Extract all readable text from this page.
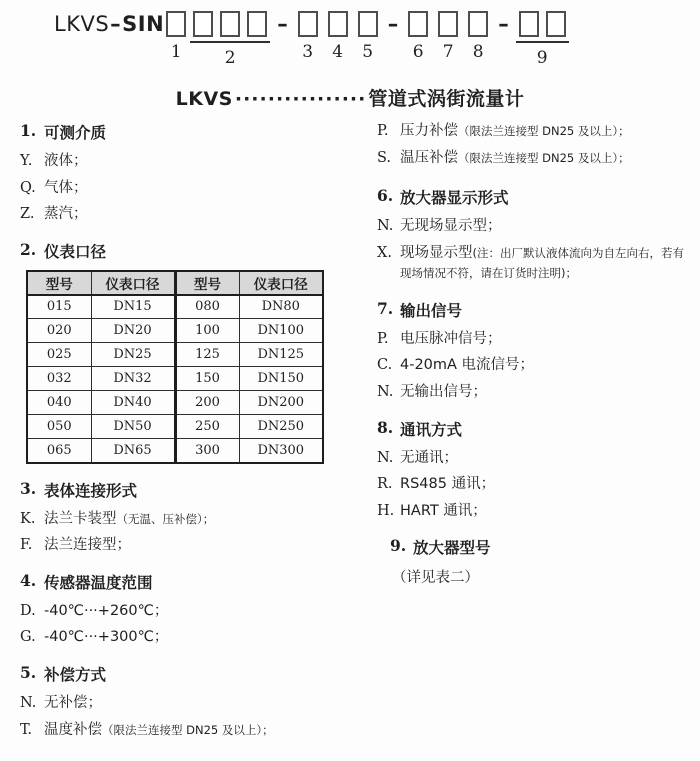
LKVS–SIN
1	2
–
3 4 5
–
6 7 8
–
9
LKVS ················ 管道式涡街流量计
1. 可测介质
Y. 液体；
Q. 气体；
Z. 蒸汽；
2. 仪表口径
型号	仪表口径	型号	仪表口径
015	DN15	080	DN80
020	DN20	100	DN100
025	DN25	125	DN125
032	DN32	150	DN150
040	DN40	200	DN200
050	DN50	250	DN250
065	DN65	300	DN300
3. 表体连接形式
K. 法兰卡装型（无温、压补偿）；
F. 法兰连接型；
4. 传感器温度范围
D. -40℃···+260℃；
G. -40℃···+300℃；
5. 补偿方式
N. 无补偿；
T. 温度补偿（限法兰连接型 DN25 及以上）；
P. 压力补偿（限法兰连接型 DN25 及以上）；
S. 温压补偿（限法兰连接型 DN25 及以上）；
6. 放大器显示形式
N. 无现场显示型；
X. 现场显示型(注：出厂默认液体流向为自左向右，若有现场情况不符，请在订货时注明)；
7. 输出信号
P. 电压脉冲信号；
C. 4-20mA 电流信号；
N. 无输出信号；
8. 通讯方式
N. 无通讯；
R. RS485 通讯；
H. HART 通讯；
9. 放大器型号
（详见表二）
